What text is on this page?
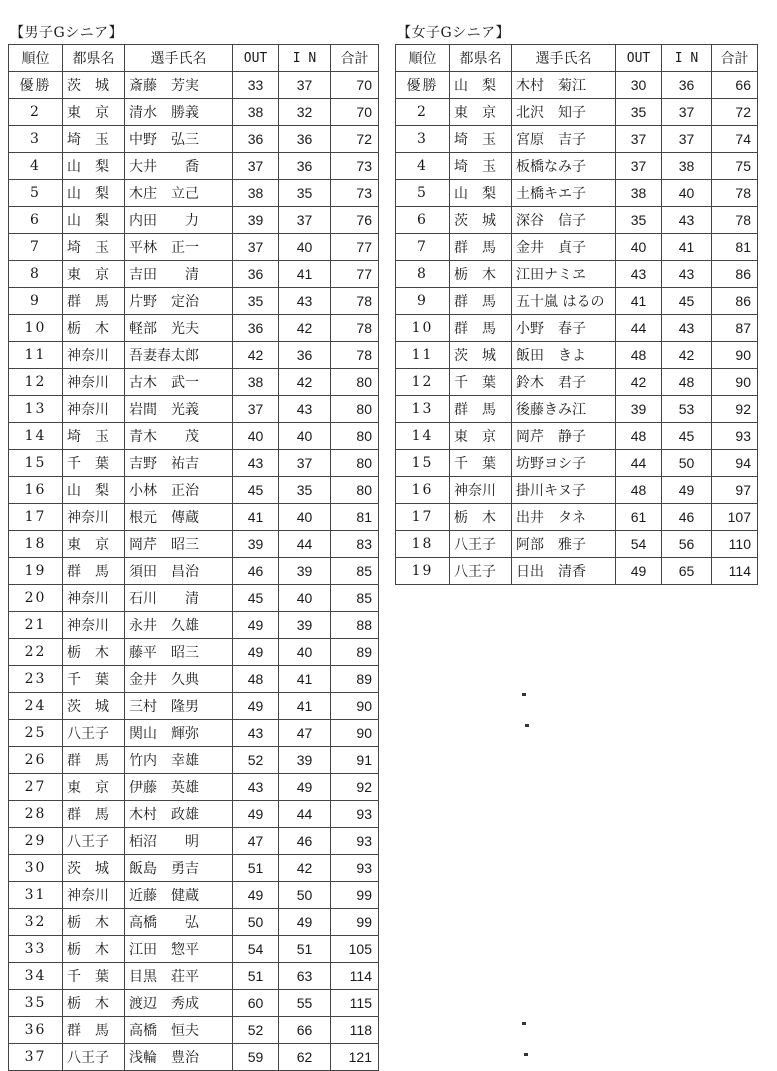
【男子Gシニア】
順位	都県名	選手氏名	OUT	I N	合計
優勝	茨　城	斎藤　芳実	33	37	70
2	東　京	清水　勝義	38	32	70
3	埼　玉	中野　弘三	36	36	72
4	山　梨	大井　　喬	37	36	73
5	山　梨	木庄　立己	38	35	73
6	山　梨	内田　　力	39	37	76
7	埼　玉	平林　正一	37	40	77
8	東　京	吉田　　清	36	41	77
9	群　馬	片野　定治	35	43	78
10	栃　木	軽部　光夫	36	42	78
11	神奈川	吾妻春太郎	42	36	78
12	神奈川	古木　武一	38	42	80
13	神奈川	岩間　光義	37	43	80
14	埼　玉	青木　　茂	40	40	80
15	千　葉	吉野　祐吉	43	37	80
16	山　梨	小林　正治	45	35	80
17	神奈川	根元　傳蔵	41	40	81
18	東　京	岡芹　昭三	39	44	83
19	群　馬	須田　昌治	46	39	85
20	神奈川	石川　　清	45	40	85
21	神奈川	永井　久雄	49	39	88
22	栃　木	藤平　昭三	49	40	89
23	千　葉	金井　久典	48	41	89
24	茨　城	三村　隆男	49	41	90
25	八王子	関山　輝弥	43	47	90
26	群　馬	竹内　幸雄	52	39	91
27	東　京	伊藤　英雄	43	49	92
28	群　馬	木村　政雄	49	44	93
29	八王子	栢沼　　明	47	46	93
30	茨　城	飯島　勇吉	51	42	93
31	神奈川	近藤　健蔵	49	50	99
32	栃　木	高橋　　弘	50	49	99
33	栃　木	江田　惣平	54	51	105
34	千　葉	目黒　荘平	51	63	114
35	栃　木	渡辺　秀成	60	55	115
36	群　馬	高橋　恒夫	52	66	118
37	八王子	浅輪　豊治	59	62	121
【女子Gシニア】
順位	都県名	選手氏名	OUT	I N	合計
優勝	山　梨	木村　菊江	30	36	66
2	東　京	北沢　知子	35	37	72
3	埼　玉	宮原　吉子	37	37	74
4	埼　玉	板橋なみ子	37	38	75
5	山　梨	土橋キエ子	38	40	78
6	茨　城	深谷　信子	35	43	78
7	群　馬	金井　貞子	40	41	81
8	栃　木	江田ナミヱ	43	43	86
9	群　馬	五十嵐 はるの	41	45	86
10	群　馬	小野　春子	44	43	87
11	茨　城	飯田　きよ	48	42	90
12	千　葉	鈴木　君子	42	48	90
13	群　馬	後藤きみ江	39	53	92
14	東　京	岡芹　静子	48	45	93
15	千　葉	坊野ヨシ子	44	50	94
16	神奈川	掛川キヌ子	48	49	97
17	栃　木	出井　タネ	61	46	107
18	八王子	阿部　雅子	54	56	110
19	八王子	日出　清香	49	65	114
